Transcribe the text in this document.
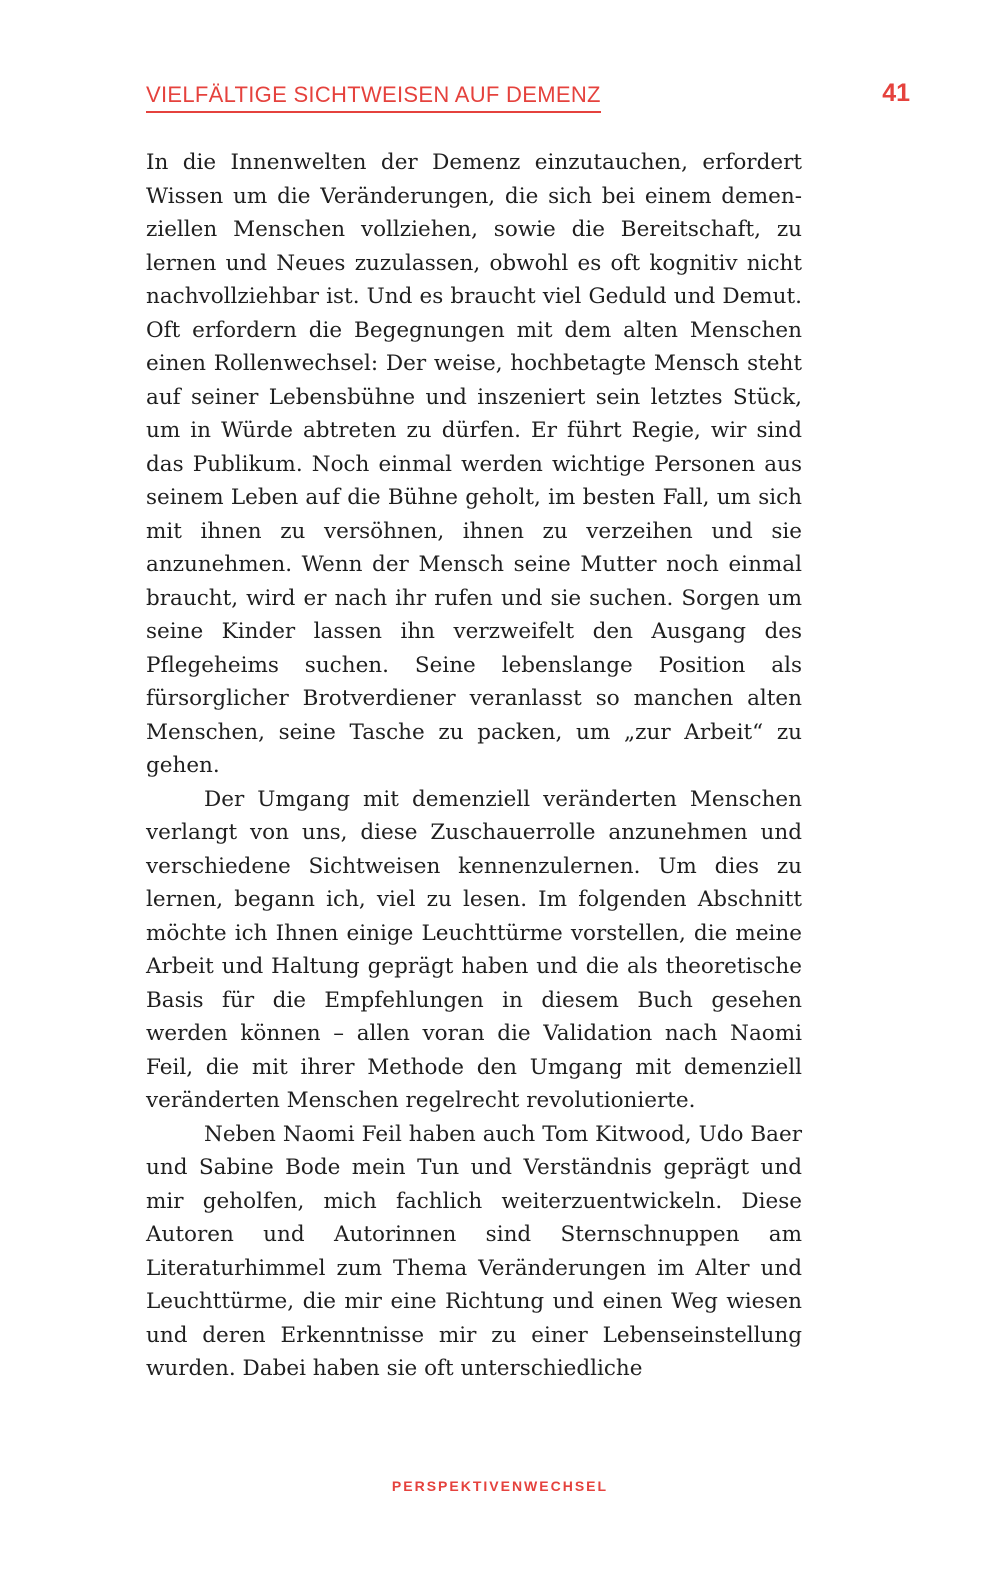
VIELFÄLTIGE SICHTWEISEN AUF DEMENZ	41

In die Innenwelten der Demenz einzutauchen, erfordert Wissen um die Veränderungen, die sich bei einem demenziellen Menschen vollziehen, sowie die Bereitschaft, zu lernen und Neues zuzulassen, obwohl es oft kognitiv nicht nachvollziehbar ist. Und es braucht viel Geduld und Demut. Oft erfordern die Begegnungen mit dem alten Menschen einen Rollenwechsel: Der weise, hochbetagte Mensch steht auf seiner Lebensbühne und inszeniert sein letztes Stück, um in Würde abtreten zu dürfen. Er führt Regie, wir sind das Publikum. Noch einmal werden wichtige Personen aus seinem Leben auf die Bühne geholt, im besten Fall, um sich mit ihnen zu versöhnen, ihnen zu verzeihen und sie anzunehmen. Wenn der Mensch seine Mutter noch einmal braucht, wird er nach ihr rufen und sie suchen. Sorgen um seine Kinder lassen ihn verzweifelt den Ausgang des Pflegeheims suchen. Seine lebenslange Position als fürsorglicher Brotverdiener veranlasst so manchen alten Menschen, seine Tasche zu packen, um „zur Arbeit“ zu gehen.

Der Umgang mit demenziell veränderten Menschen verlangt von uns, diese Zuschauerrolle anzunehmen und verschiedene Sichtweisen kennenzulernen. Um dies zu lernen, begann ich, viel zu lesen. Im folgenden Abschnitt möchte ich Ihnen einige Leuchttürme vorstellen, die meine Arbeit und Haltung geprägt haben und die als theoretische Basis für die Empfehlungen in diesem Buch gesehen werden können – allen voran die Validation nach Naomi Feil, die mit ihrer Methode den Umgang mit demenziell veränderten Menschen regelrecht revolutionierte.

Neben Naomi Feil haben auch Tom Kitwood, Udo Baer und Sabine Bode mein Tun und Verständnis geprägt und mir geholfen, mich fachlich weiterzuentwickeln. Diese Autoren und Autorinnen sind Sternschnuppen am Literaturhimmel zum Thema Veränderungen im Alter und Leuchttürme, die mir eine Richtung und einen Weg wiesen und deren Erkenntnisse mir zu einer Lebenseinstellung wurden. Dabei haben sie oft unterschiedliche

PERSPEKTIVENWECHSEL
